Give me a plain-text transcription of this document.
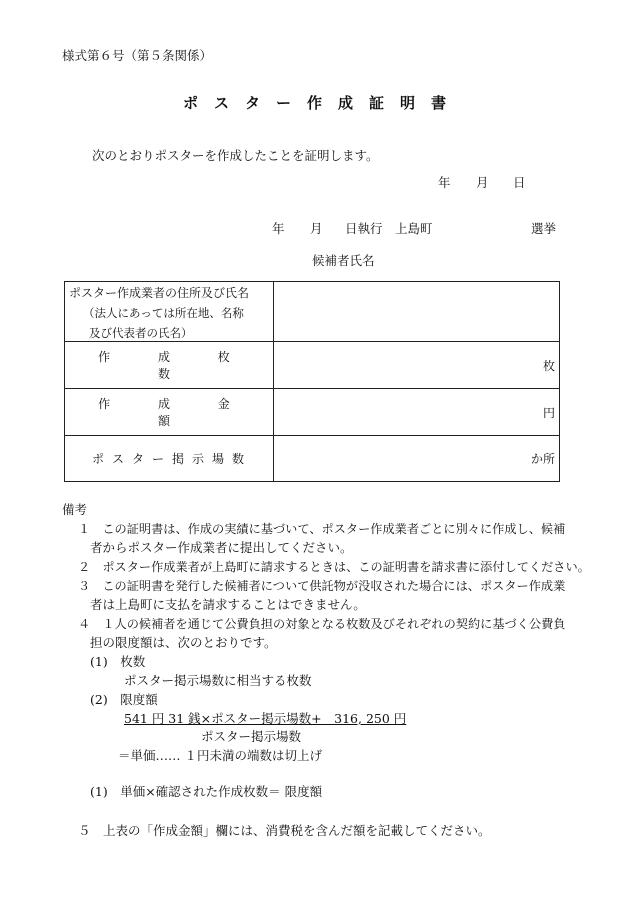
様式第６号（第５条関係）
ポスター作成証明書
次のとおりポスターを作成したことを証明します。
年 月 日
年 月 日執行 上島町	選挙
候補者氏名
ポスター作成業者の住所及び氏名
（法人にあっては所在地、名称
及び代表者の氏名）	

作 成 枚 数	枚

作 成 金 額	円

ポスター掲示場数	か所
備考
１　この証明書は、作成の実績に基づいて、ポスター作成業者ごとに別々に作成し、候補
者からポスター作成業者に提出してください。
２　ポスター作成業者が上島町に請求するときは、この証明書を請求書に添付してください。
３　この証明書を発行した候補者について供託物が没収された場合には、ポスター作成業
者は上島町に支払を請求することはできません。
４　１人の候補者を通じて公費負担の対象となる枚数及びそれぞれの契約に基づく公費負
担の限度額は、次のとおりです。
(1)　枚数
ポスター掲示場数に相当する枚数
(2)　限度額
541 円 31 銭×ポスター掲示場数+　316, 250 円
ポスター掲示場数
＝単価…… １円未満の端数は切上げ
(1)　単価×確認された作成枚数＝ 限度額
５　上表の「作成金額」欄には、消費税を含んだ額を記載してください。
